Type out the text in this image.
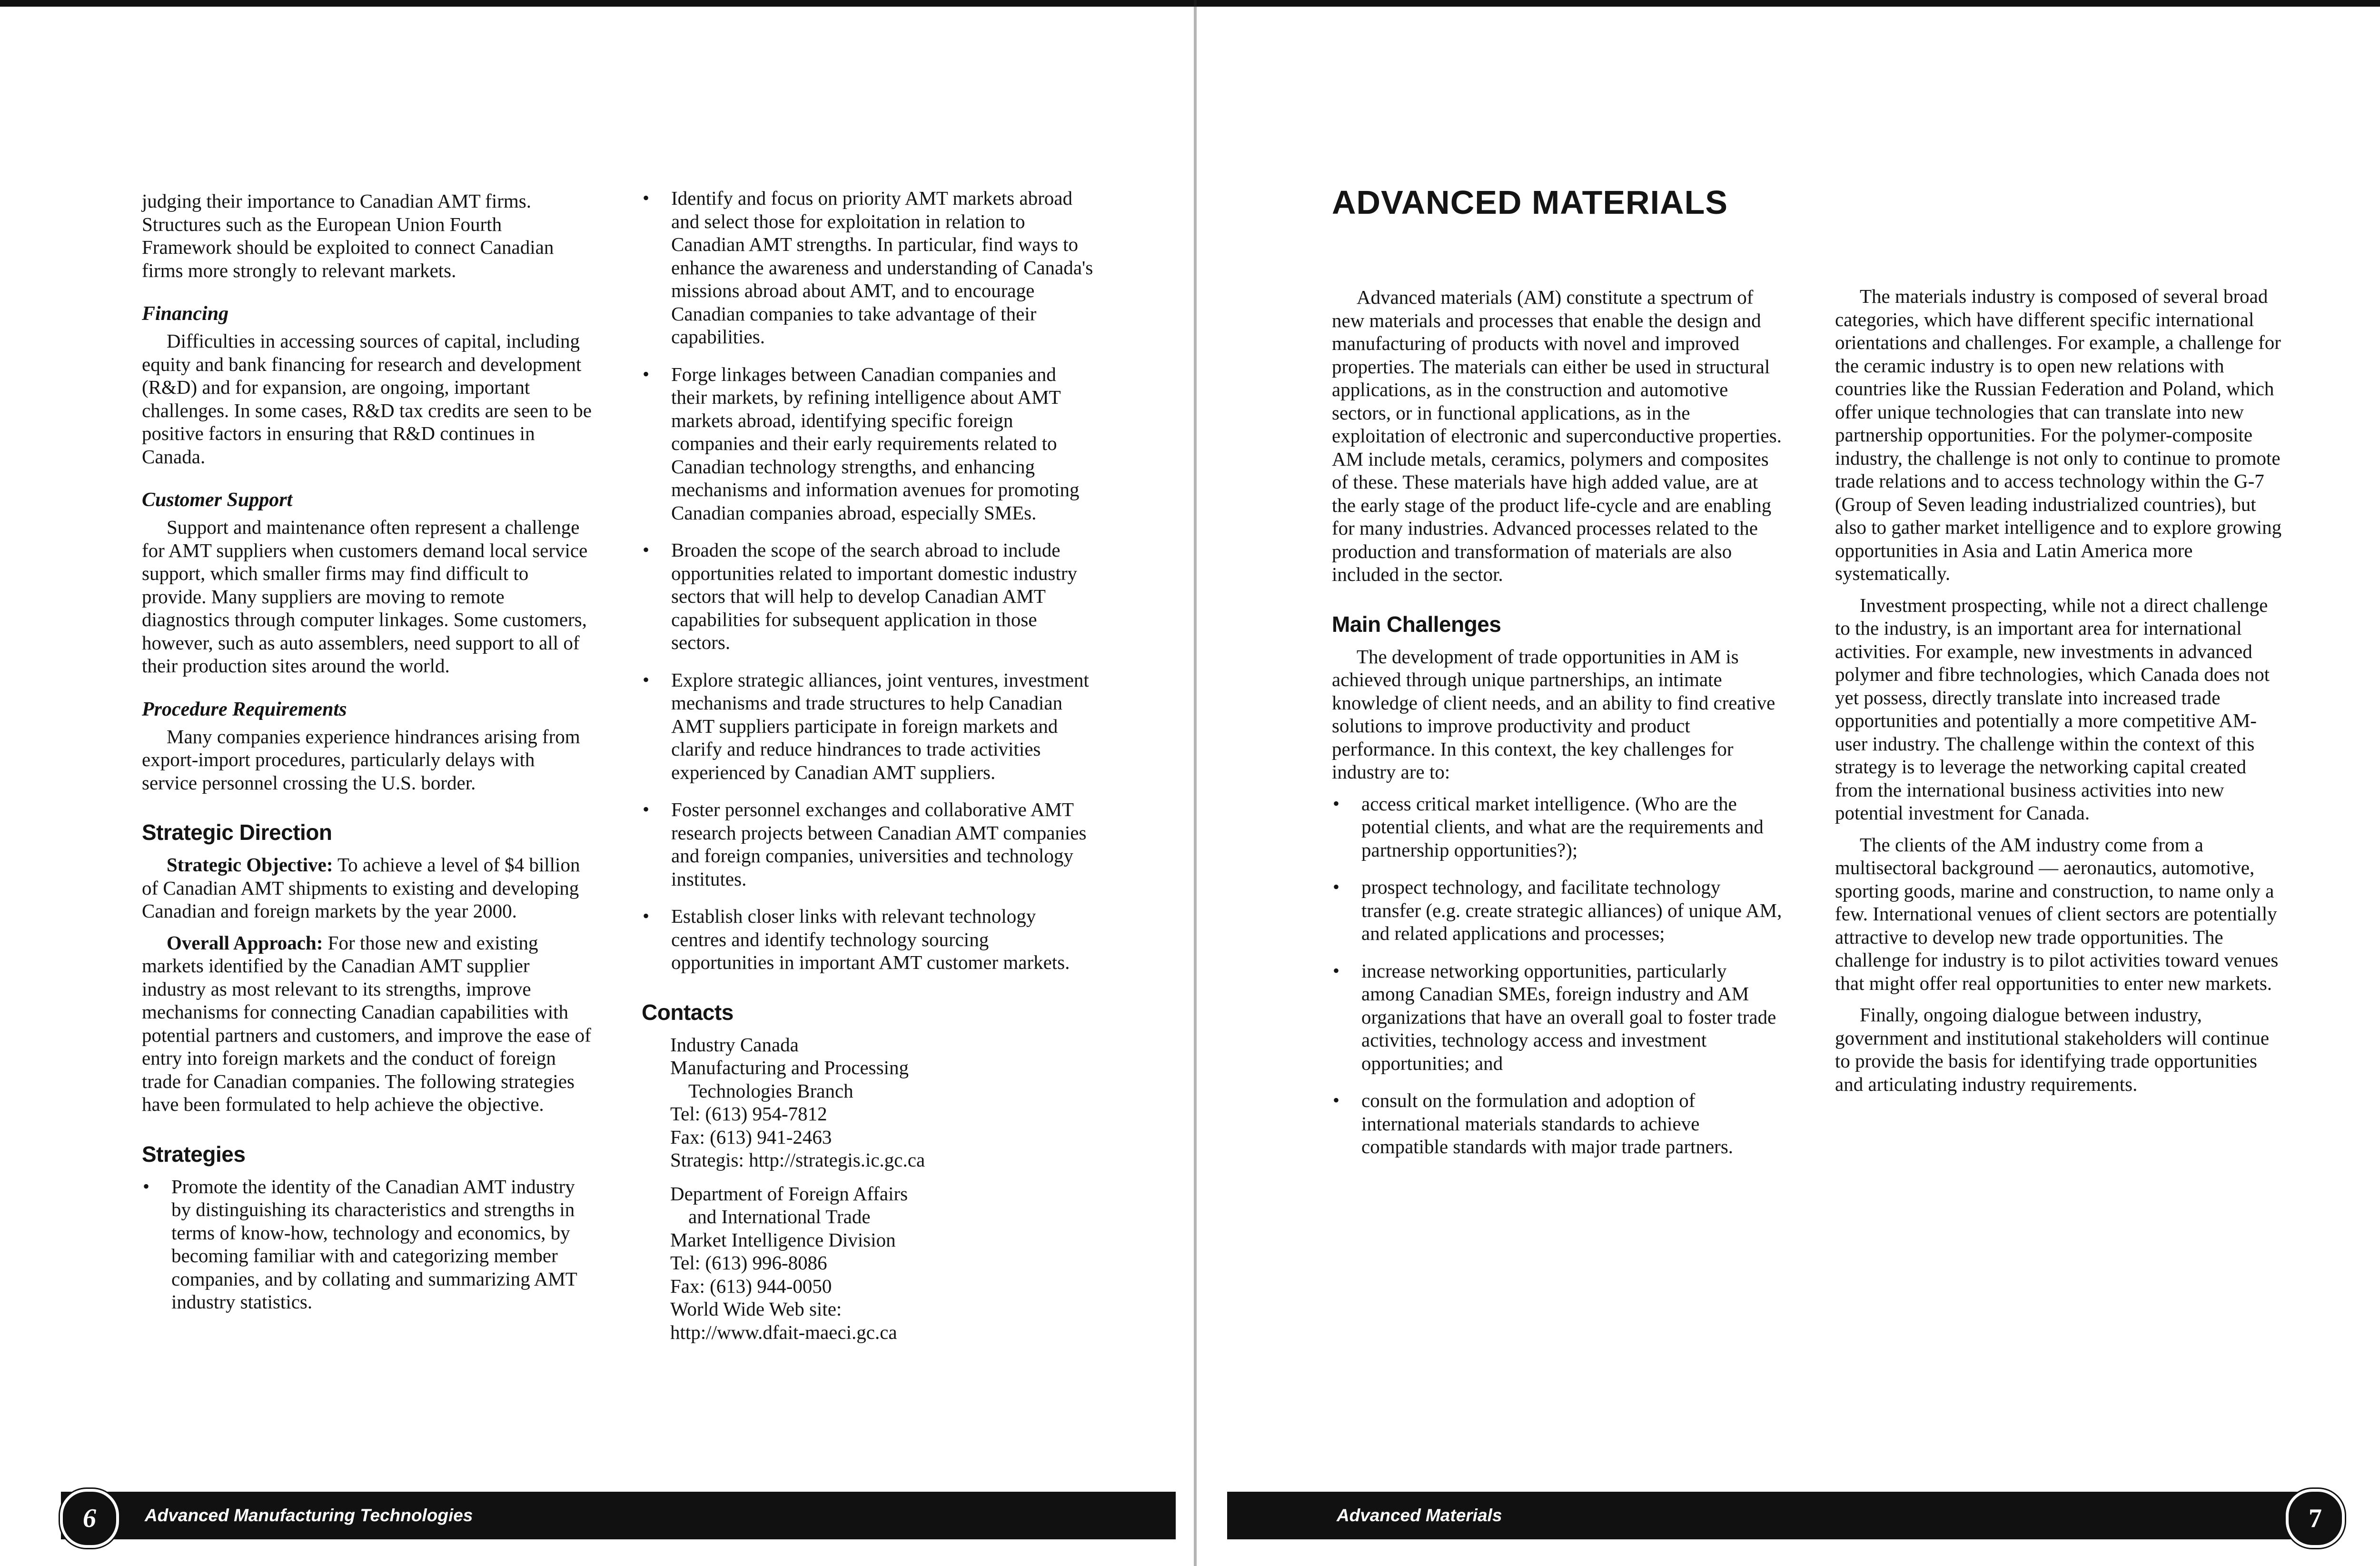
judging their importance to Canadian AMT firms. Structures such as the European Union Fourth Framework should be exploited to connect Canadian firms more strongly to relevant markets.

Financing

Difficulties in accessing sources of capital, including equity and bank financing for research and development (R&D) and for expansion, are ongoing, important challenges. In some cases, R&D tax credits are seen to be positive factors in ensuring that R&D continues in Canada.

Customer Support

Support and maintenance often represent a challenge for AMT suppliers when customers demand local service support, which smaller firms may find difficult to provide. Many suppliers are moving to remote diagnostics through computer linkages. Some customers, however, such as auto assemblers, need support to all of their production sites around the world.

Procedure Requirements

Many companies experience hindrances arising from export-import procedures, particularly delays with service personnel crossing the U.S. border.

Strategic Direction

Strategic Objective: To achieve a level of $4 billion of Canadian AMT shipments to existing and developing Canadian and foreign markets by the year 2000.

Overall Approach: For those new and existing markets identified by the Canadian AMT supplier industry as most relevant to its strengths, improve mechanisms for connecting Canadian capabilities with potential partners and customers, and improve the ease of entry into foreign markets and the conduct of foreign trade for Canadian companies. The following strategies have been formulated to help achieve the objective.

Strategies
• Promote the identity of the Canadian AMT industry by distinguishing its characteristics and strengths in terms of know-how, technology and economics, by becoming familiar with and categorizing member companies, and by collating and summarizing AMT industry statistics.
• Identify and focus on priority AMT markets abroad and select those for exploitation in relation to Canadian AMT strengths. In particular, find ways to enhance the awareness and understanding of Canada's missions abroad about AMT, and to encourage Canadian companies to take advantage of their capabilities.
• Forge linkages between Canadian companies and their markets, by refining intelligence about AMT markets abroad, identifying specific foreign companies and their early requirements related to Canadian technology strengths, and enhancing mechanisms and information avenues for promoting Canadian companies abroad, especially SMEs.
• Broaden the scope of the search abroad to include opportunities related to important domestic industry sectors that will help to develop Canadian AMT capabilities for subsequent application in those sectors.
• Explore strategic alliances, joint ventures, investment mechanisms and trade structures to help Canadian AMT suppliers participate in foreign markets and clarify and reduce hindrances to trade activities experienced by Canadian AMT suppliers.
• Foster personnel exchanges and collaborative AMT research projects between Canadian AMT companies and foreign companies, universities and technology institutes.
• Establish closer links with relevant technology centres and identify technology sourcing opportunities in important AMT customer markets.
Contacts
Industry Canada
Manufacturing and Processing
Technologies Branch
Tel: (613) 954-7812
Fax: (613) 941-2463
Strategis: http://strategis.ic.gc.ca
Department of Foreign Affairs
and International Trade
Market Intelligence Division
Tel: (613) 996-8086
Fax: (613) 944-0050
World Wide Web site:
http://www.dfait-maeci.gc.ca
Advanced Manufacturing Technologies
6
ADVANCED MATERIALS

Advanced materials (AM) constitute a spectrum of new materials and processes that enable the design and manufacturing of products with novel and improved properties. The materials can either be used in structural applications, as in the construction and automotive sectors, or in functional applications, as in the exploitation of electronic and superconductive properties. AM include metals, ceramics, polymers and composites of these. These materials have high added value, are at the early stage of the product life-cycle and are enabling for many industries. Advanced processes related to the production and transformation of materials are also included in the sector.

Main Challenges

The development of trade opportunities in AM is achieved through unique partnerships, an intimate knowledge of client needs, and an ability to find creative solutions to improve productivity and product performance. In this context, the key challenges for industry are to:

• access critical market intelligence. (Who are the potential clients, and what are the requirements and partnership opportunities?);
• prospect technology, and facilitate technology transfer (e.g. create strategic alliances) of unique AM, and related applications and processes;
• increase networking opportunities, particularly among Canadian SMEs, foreign industry and AM organizations that have an overall goal to foster trade activities, technology access and investment opportunities; and
• consult on the formulation and adoption of international materials standards to achieve compatible standards with major trade partners.

The materials industry is composed of several broad categories, which have different specific international orientations and challenges. For example, a challenge for the ceramic industry is to open new relations with countries like the Russian Federation and Poland, which offer unique technologies that can translate into new partnership opportunities. For the polymer-composite industry, the challenge is not only to continue to promote trade relations and to access technology within the G-7 (Group of Seven leading industrialized countries), but also to gather market intelligence and to explore growing opportunities in Asia and Latin America more systematically.

Investment prospecting, while not a direct challenge to the industry, is an important area for international activities. For example, new investments in advanced polymer and fibre technologies, which Canada does not yet possess, directly translate into increased trade opportunities and potentially a more competitive AM-user industry. The challenge within the context of this strategy is to leverage the networking capital created from the international business activities into new potential investment for Canada.

The clients of the AM industry come from a multisectoral background — aeronautics, automotive, sporting goods, marine and construction, to name only a few. International venues of client sectors are potentially attractive to develop new trade opportunities. The challenge for industry is to pilot activities toward venues that might offer real opportunities to enter new markets.

Finally, ongoing dialogue between industry, government and institutional stakeholders will continue to provide the basis for identifying trade opportunities and articulating industry requirements.

Advanced Materials	7
